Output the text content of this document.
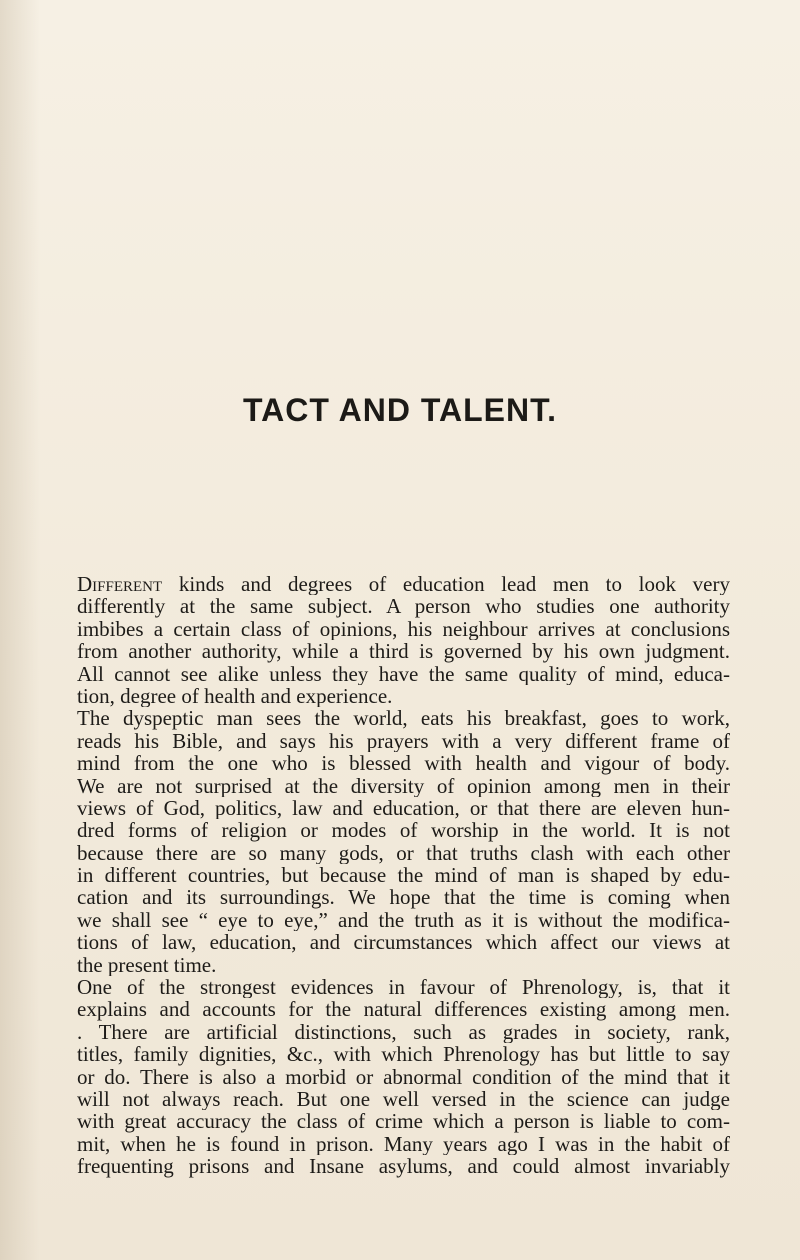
TACT AND TALENT.
Different kinds and degrees of education lead men to look very
differently at the same subject. A person who studies one authority
imbibes a certain class of opinions, his neighbour arrives at conclusions
from another authority, while a third is governed by his own judgment.
All cannot see alike unless they have the same quality of mind, educa-
tion, degree of health and experience.
The dyspeptic man sees the world, eats his breakfast, goes to work,
reads his Bible, and says his prayers with a very different frame of
mind from the one who is blessed with health and vigour of body.
We are not surprised at the diversity of opinion among men in their
views of God, politics, law and education, or that there are eleven hun-
dred forms of religion or modes of worship in the world. It is not
because there are so many gods, or that truths clash with each other
in different countries, but because the mind of man is shaped by edu-
cation and its surroundings. We hope that the time is coming when
we shall see “ eye to eye,” and the truth as it is without the modifica-
tions of law, education, and circumstances which affect our views at
the present time.
One of the strongest evidences in favour of Phrenology, is, that it
explains and accounts for the natural differences existing among men.
. There are artificial distinctions, such as grades in society, rank,
titles, family dignities, &c., with which Phrenology has but little to say
or do. There is also a morbid or abnormal condition of the mind that it
will not always reach. But one well versed in the science can judge
with great accuracy the class of crime which a person is liable to com-
mit, when he is found in prison. Many years ago I was in the habit of
frequenting prisons and Insane asylums, and could almost invariably
